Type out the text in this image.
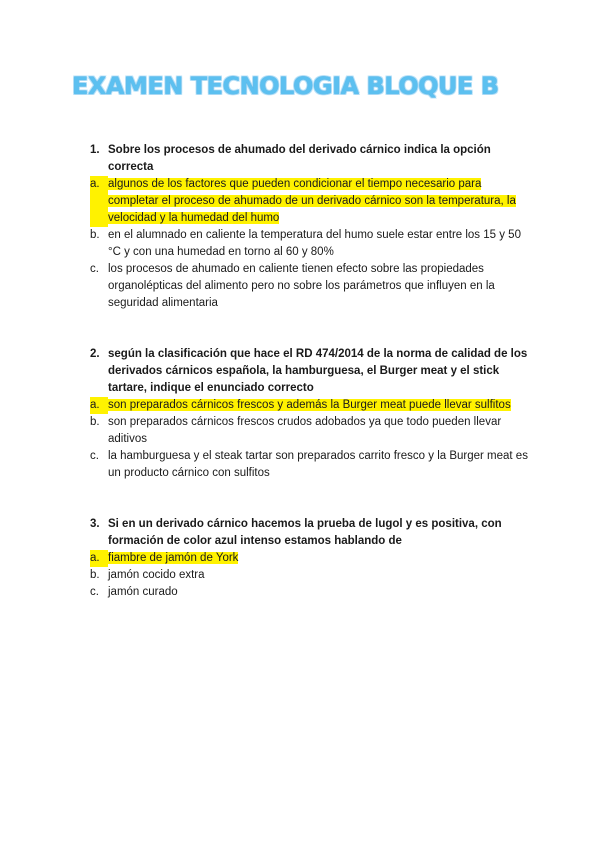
EXAMEN TECNOLOGIA BLOQUE B
1. Sobre los procesos de ahumado del derivado cárnico indica la opción correcta
a. algunos de los factores que pueden condicionar el tiempo necesario para completar el proceso de ahumado de un derivado cárnico son la temperatura, la velocidad y la humedad del humo
b. en el alumnado en caliente la temperatura del humo suele estar entre los 15 y 50 °C y con una humedad en torno al 60 y 80%
c. los procesos de ahumado en caliente tienen efecto sobre las propiedades organolépticas del alimento pero no sobre los parámetros que influyen en la seguridad alimentaria
2. según la clasificación que hace el RD 474/2014 de la norma de calidad de los derivados cárnicos española, la hamburguesa, el Burger meat y el stick tartare, indique el enunciado correcto
a. son preparados cárnicos frescos y además la Burger meat puede llevar sulfitos
b. son preparados cárnicos frescos crudos adobados ya que todo pueden llevar aditivos
c. la hamburguesa y el steak tartar son preparados carrito fresco y la Burger meat es un producto cárnico con sulfitos
3. Si en un derivado cárnico hacemos la prueba de lugol y es positiva, con formación de color azul intenso estamos hablando de
a. fiambre de jamón de York
b. jamón cocido extra
c. jamón curado
